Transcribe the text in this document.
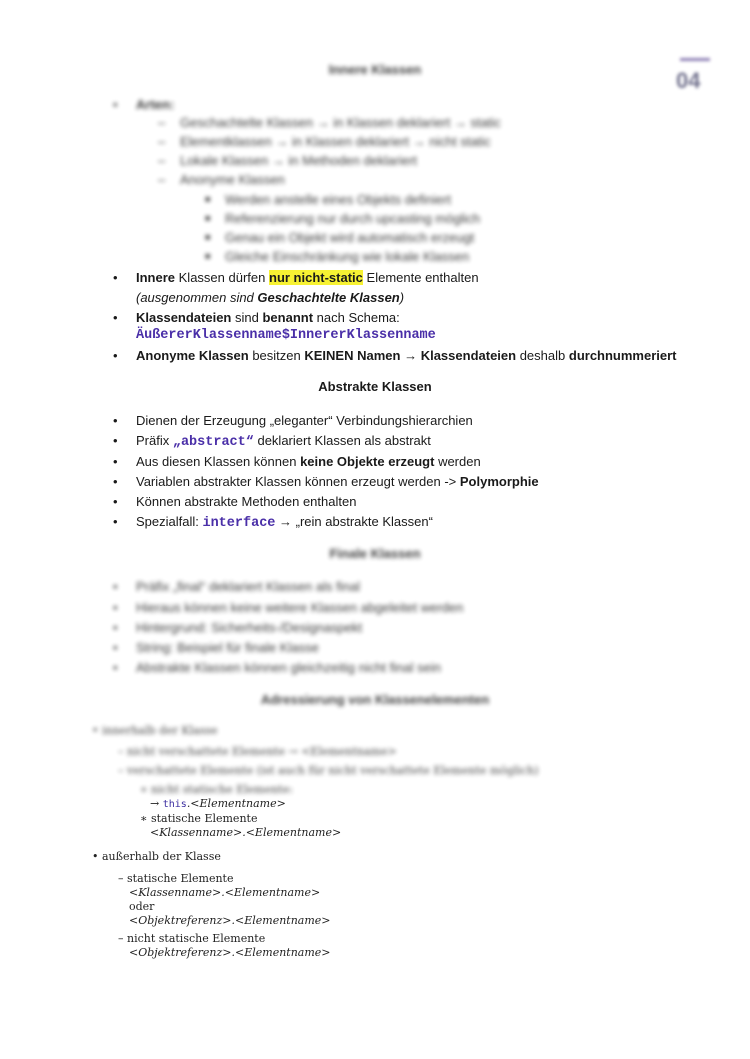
Innere Klassen	04
• Arten:
– Geschachtelte Klassen → in Klassen deklariert → static
– Elementklassen → in Klassen deklariert → nicht static
– Lokale Klassen → in Methoden deklariert
– Anonyme Klassen
■ Werden anstelle eines Objekts definiert
■ Referenzierung nur durch upcasting möglich
■ Genau ein Objekt wird automatisch erzeugt
■ Gleiche Einschränkung wie lokale Klassen
• Innere Klassen dürfen nur nicht-static Elemente enthalten
(ausgenommen sind Geschachtelte Klassen)
• Klassendateien sind benannt nach Schema:
ÄußererKlassenname$InnererKlassenname
• Anonyme Klassen besitzen KEINEN Namen → Klassendateien deshalb durchnummeriert
Abstrakte Klassen
• Dienen der Erzeugung „eleganter“ Verbindungshierarchien
• Präfix „abstract“ deklariert Klassen als abstrakt
• Aus diesen Klassen können keine Objekte erzeugt werden
• Variablen abstrakter Klassen können erzeugt werden -> Polymorphie
• Können abstrakte Methoden enthalten
• Spezialfall: interface → „rein abstrakte Klassen“
Finale Klassen
• Präfix „final“ deklariert Klassen als final
• Hieraus können keine weitere Klassen abgeleitet werden
• Hintergrund: Sicherheits-/Designaspekt
• String: Beispiel für finale Klasse
• Abstrakte Klassen können gleichzeitig nicht final sein
Adressierung von Klassenelementen
• innerhalb der Klasse
– nicht verschattete Elemente → <Elementname>
– verschattete Elemente (ist auch für nicht verschattete Elemente möglich)
∗ nicht statische Elemente:
→ this.<Elementname>
∗ statische Elemente
<Klassenname>.<Elementname>
• außerhalb der Klasse
– statische Elemente
<Klassenname>.<Elementname>
oder
<Objektreferenz>.<Elementname>
– nicht statische Elemente
<Objektreferenz>.<Elementname>
